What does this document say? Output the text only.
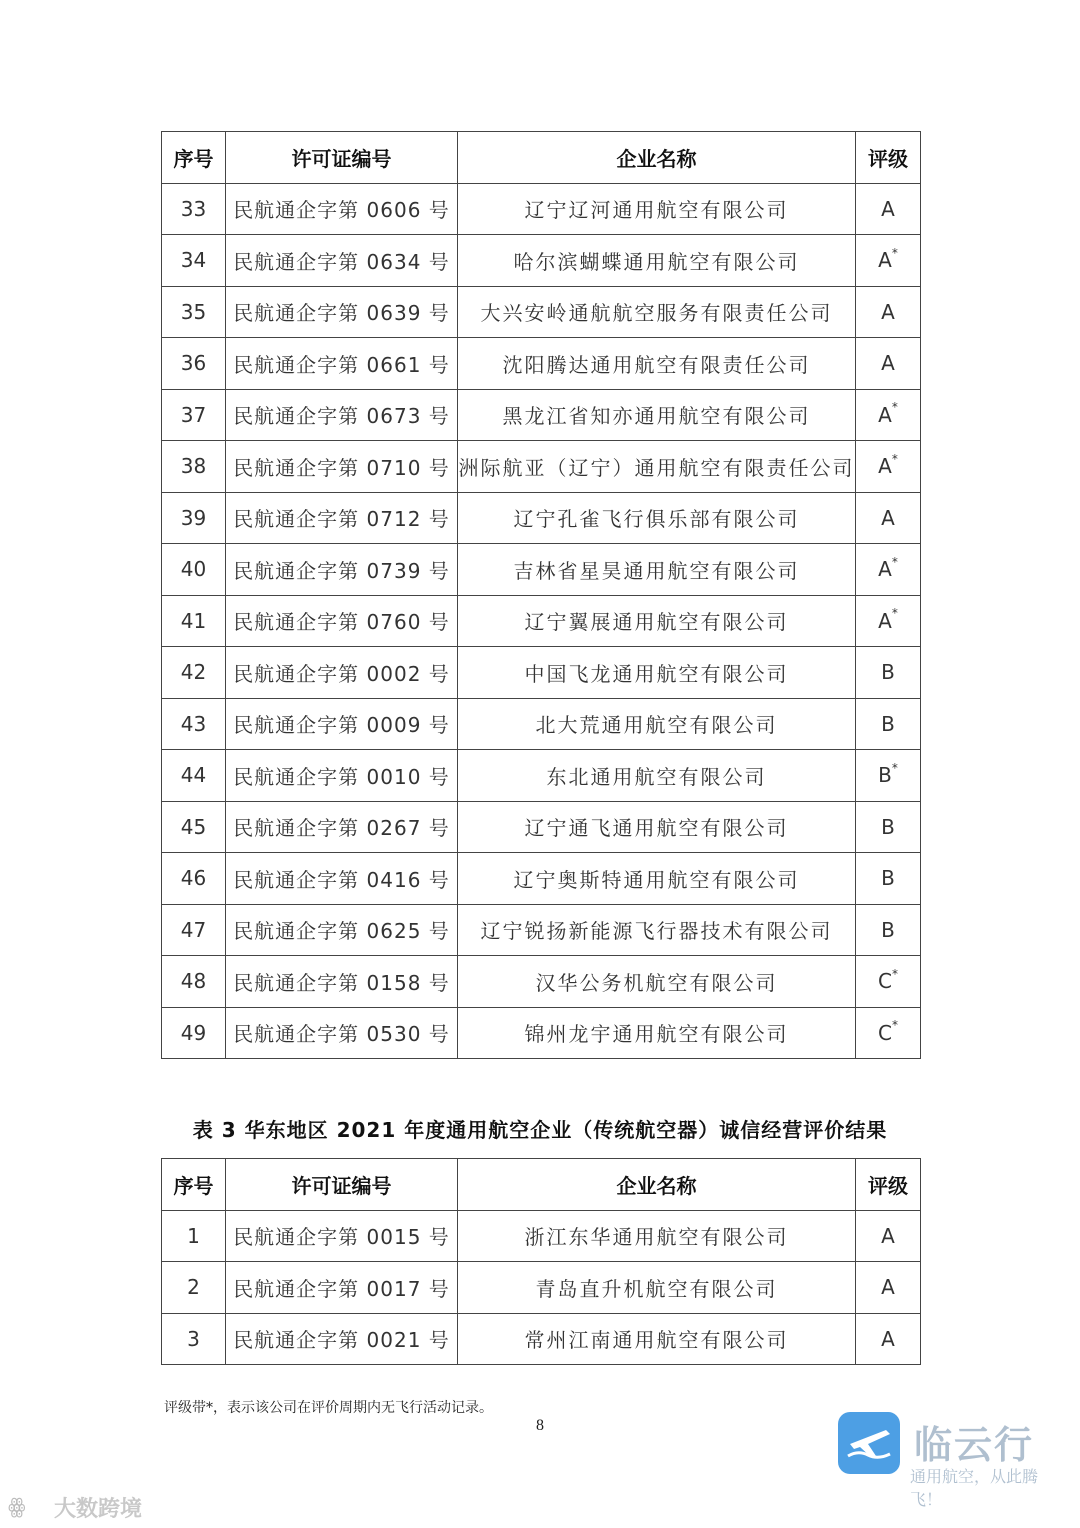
序号	许可证编号	企业名称	评级
33	民航通企字第 0606 号	辽宁辽河通用航空有限公司	A
34	民航通企字第 0634 号	哈尔滨蝴蝶通用航空有限公司	A*
35	民航通企字第 0639 号	大兴安岭通航航空服务有限责任公司	A
36	民航通企字第 0661 号	沈阳腾达通用航空有限责任公司	A
37	民航通企字第 0673 号	黑龙江省知亦通用航空有限公司	A*
38	民航通企字第 0710 号	洲际航亚（辽宁）通用航空有限责任公司	A*
39	民航通企字第 0712 号	辽宁孔雀飞行俱乐部有限公司	A
40	民航通企字第 0739 号	吉林省星昊通用航空有限公司	A*
41	民航通企字第 0760 号	辽宁翼展通用航空有限公司	A*
42	民航通企字第 0002 号	中国飞龙通用航空有限公司	B
43	民航通企字第 0009 号	北大荒通用航空有限公司	B
44	民航通企字第 0010 号	东北通用航空有限公司	B*
45	民航通企字第 0267 号	辽宁通飞通用航空有限公司	B
46	民航通企字第 0416 号	辽宁奥斯特通用航空有限公司	B
47	民航通企字第 0625 号	辽宁锐扬新能源飞行器技术有限公司	B
48	民航通企字第 0158 号	汉华公务机航空有限公司	C*
49	民航通企字第 0530 号	锦州龙宇通用航空有限公司	C*
表 3 华东地区 2021 年度通用航空企业（传统航空器）诚信经营评价结果
序号	许可证编号	企业名称	评级
1	民航通企字第 0015 号	浙江东华通用航空有限公司	A
2	民航通企字第 0017 号	青岛直升机航空有限公司	A
3	民航通企字第 0021 号	常州江南通用航空有限公司	A
评级带*，表示该公司在评价周期内无飞行活动记录。
8	临云行
通用航空，从此腾飞！
ꙮ 大数跨境
